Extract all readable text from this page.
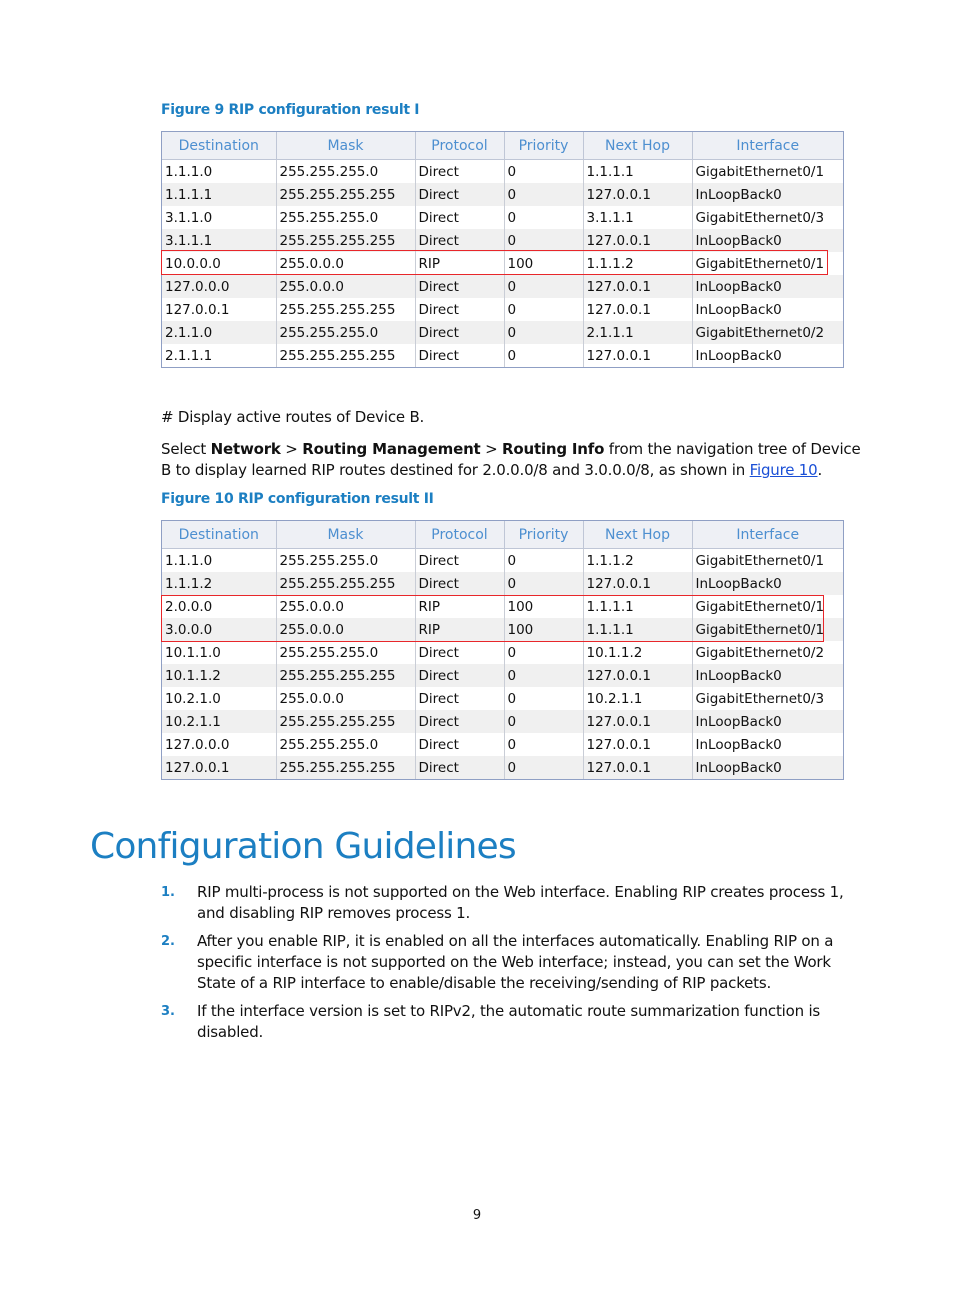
Figure 9 RIP configuration result I
Destination	Mask	Protocol	Priority	Next Hop	Interface
1.1.1.0	255.255.255.0	Direct	0	1.1.1.1	GigabitEthernet0/1
1.1.1.1	255.255.255.255	Direct	0	127.0.0.1	InLoopBack0
3.1.1.0	255.255.255.0	Direct	0	3.1.1.1	GigabitEthernet0/3
3.1.1.1	255.255.255.255	Direct	0	127.0.0.1	InLoopBack0
10.0.0.0	255.0.0.0	RIP	100	1.1.1.2	GigabitEthernet0/1
127.0.0.0	255.0.0.0	Direct	0	127.0.0.1	InLoopBack0
127.0.0.1	255.255.255.255	Direct	0	127.0.0.1	InLoopBack0
2.1.1.0	255.255.255.0	Direct	0	2.1.1.1	GigabitEthernet0/2
2.1.1.1	255.255.255.255	Direct	0	127.0.0.1	InLoopBack0
# Display active routes of Device B.
Select Network > Routing Management > Routing Info from the navigation tree of Device B to display learned RIP routes destined for 2.0.0.0/8 and 3.0.0.0/8, as shown in Figure 10.
Figure 10 RIP configuration result II
Destination	Mask	Protocol	Priority	Next Hop	Interface
1.1.1.0	255.255.255.0	Direct	0	1.1.1.2	GigabitEthernet0/1
1.1.1.2	255.255.255.255	Direct	0	127.0.0.1	InLoopBack0
2.0.0.0	255.0.0.0	RIP	100	1.1.1.1	GigabitEthernet0/1
3.0.0.0	255.0.0.0	RIP	100	1.1.1.1	GigabitEthernet0/1
10.1.1.0	255.255.255.0	Direct	0	10.1.1.2	GigabitEthernet0/2
10.1.1.2	255.255.255.255	Direct	0	127.0.0.1	InLoopBack0
10.2.1.0	255.0.0.0	Direct	0	10.2.1.1	GigabitEthernet0/3
10.2.1.1	255.255.255.255	Direct	0	127.0.0.1	InLoopBack0
127.0.0.0	255.255.255.0	Direct	0	127.0.0.1	InLoopBack0
127.0.0.1	255.255.255.255	Direct	0	127.0.0.1	InLoopBack0
Configuration Guidelines
1. RIP multi-process is not supported on the Web interface. Enabling RIP creates process 1, and disabling RIP removes process 1.
2. After you enable RIP, it is enabled on all the interfaces automatically. Enabling RIP on a specific interface is not supported on the Web interface; instead, you can set the Work State of a RIP interface to enable/disable the receiving/sending of RIP packets.
3. If the interface version is set to RIPv2, the automatic route summarization function is disabled.
9
